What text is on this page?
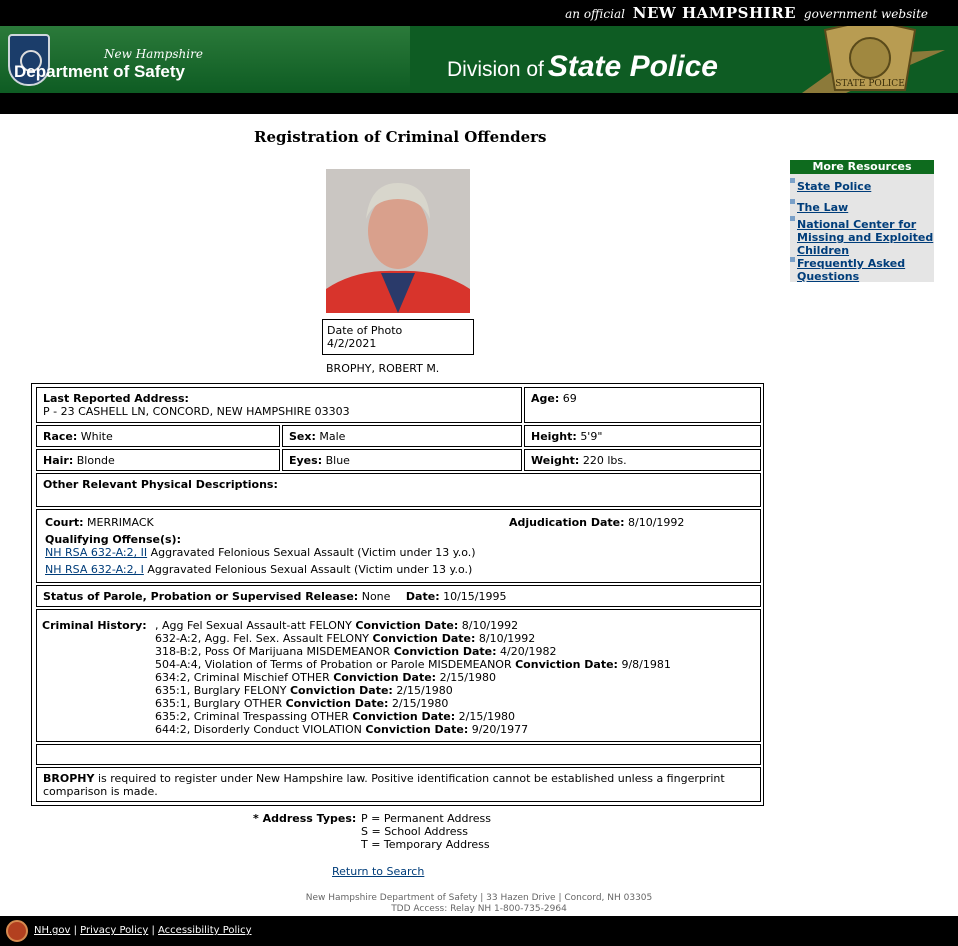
an official NEW HAMPSHIRE government website
New Hampshire
Department of Safety	Division of State Police
STATE POLICE
Registration of Criminal Offenders
Date of Photo
4/2/2021
BROPHY, ROBERT M.
Last Reported Address:
P - 23 CASHELL LN, CONCORD, NEW HAMPSHIRE 03303
Age: 69
Race: White	Sex: Male	Height: 5'9"
Hair: Blonde	Eyes: Blue	Weight: 220 lbs.
Other Relevant Physical Descriptions:
Court: MERRIMACK	Adjudication Date: 8/10/1992
Qualifying Offense(s):
NH RSA 632-A:2, II Aggravated Felonious Sexual Assault (Victim under 13 y.o.)
NH RSA 632-A:2, I Aggravated Felonious Sexual Assault (Victim under 13 y.o.)
Status of Parole, Probation or Supervised Release: None Date: 10/15/1995
Criminal History: , Agg Fel Sexual Assault-att FELONY Conviction Date: 8/10/1992
632-A:2, Agg. Fel. Sex. Assault FELONY Conviction Date: 8/10/1992
318-B:2, Poss Of Marijuana MISDEMEANOR Conviction Date: 4/20/1982
504-A:4, Violation of Terms of Probation or Parole MISDEMEANOR Conviction Date: 9/8/1981
634:2, Criminal Mischief OTHER Conviction Date: 2/15/1980
635:1, Burglary FELONY Conviction Date: 2/15/1980
635:1, Burglary OTHER Conviction Date: 2/15/1980
635:2, Criminal Trespassing OTHER Conviction Date: 2/15/1980
644:2, Disorderly Conduct VIOLATION Conviction Date: 9/20/1977
BROPHY is required to register under New Hampshire law. Positive identification cannot be established unless a fingerprint comparison is made.
* Address Types: P = Permanent Address
S = School Address
T = Temporary Address
Return to Search
More Resources
State Police
The Law
National Center for Missing and Exploited Children
Frequently Asked Questions
New Hampshire Department of Safety | 33 Hazen Drive | Concord, NH 03305
TDD Access: Relay NH 1-800-735-2964
NH.gov | Privacy Policy | Accessibility Policy
